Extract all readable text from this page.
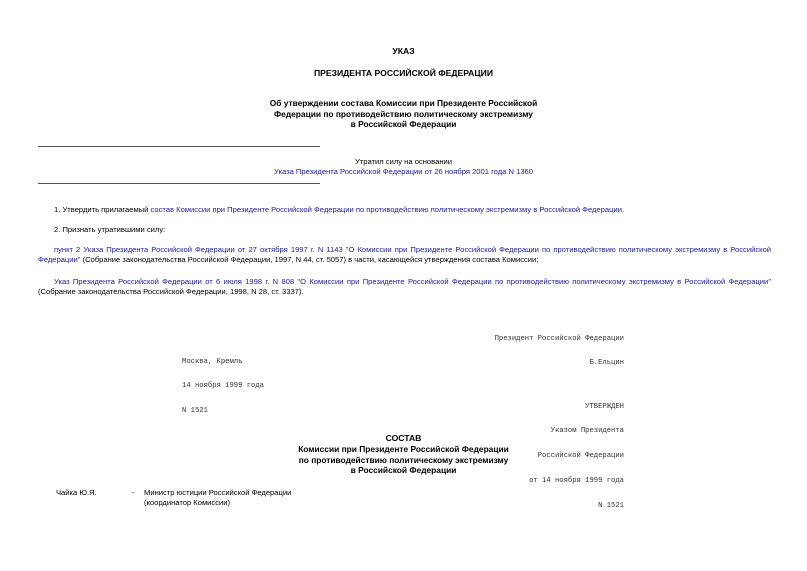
УКАЗ
ПРЕЗИДЕНТА РОССИЙСКОЙ ФЕДЕРАЦИИ
Об утверждении состава Комиссии при Президенте Российской
Федерации по противодействию политическому экстремизму
в Российской Федерации
Утратил силу на основании
Указа Президента Российской Федерации от 26 ноября 2001 года N 1360

1. Утвердить прилагаемый состав Комиссии при Президенте Российской Федерации по противодействию политическому экстремизму в Российской Федерации.

2. Признать утратившими силу:

пункт 2 Указа Президента Российской Федерации от 27 октября 1997 г. N 1143 "О Комиссии при Президенте Российской Федерации по противодействию политическому экстремизму в Российской Федерации" (Собрание законодательства Российской Федерации, 1997, N 44, ст. 5057) в части, касающейся утверждения состава Комиссии;

Указ Президента Российской Федерации от 6 июля 1998 г. N 808 "О Комиссии при Президенте Российской Федерации по противодействию политическому экстремизму в Российской Федерации" (Собрание законодательства Российской Федерации, 1998, N 28, ст. 3337).

Президент Российской Федерации

Б.Ельцин

Москва, Кремль

14 ноября 1999 года

N 1521

УТВЕРЖДЕН

Указом Президента

Российской Федерации

от 14 ноября 1999 года

N 1521

СОСТАВ
Комиссии при Президенте Российской Федерации
по противодействию политическому экстремизму
в Российской Федерации
Чайка Ю.Я.	- Министр юстиции Российской Федерации
(координатор Комиссии)
